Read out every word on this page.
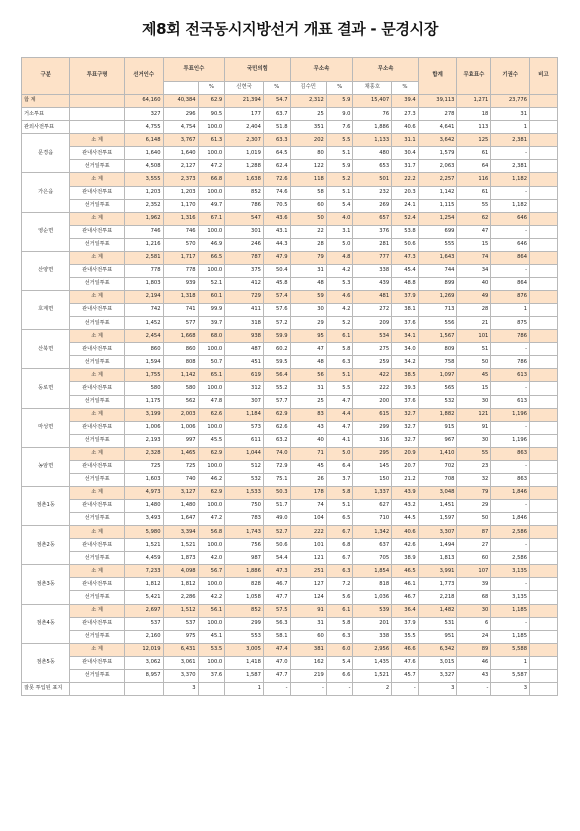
제8회 전국동시지방선거 개표 결과 - 문경시장
구분	투표구명	선거인수	투표인수		국민의힘		무소속		무소속		합계	무효표수	기권수	비고
				%	신현국	%	김수민	%	채홍호	%				
합 계		64,160	40,384	62.9	21,394	54.7	2,312	5.9	15,407	39.4	39,113	1,271	23,776	
거소투표		327	296	90.5	177	63.7	25	9.0	76	27.3	278	18	31	
관외사전투표		4,755	4,754	100.0	2,404	51.8	351	7.6	1,886	40.6	4,641	113	1	
문경읍	소 계	6,148	3,767	61.3	2,307	63.3	202	5.5	1,133	31.1	3,642	125	2,381	
	관내사전투표	1,640	1,640	100.0	1,019	64.5	80	5.1	480	30.4	1,579	61	-	
	선거일투표	4,508	2,127	47.2	1,288	62.4	122	5.9	653	31.7	2,063	64	2,381	
가은읍	소 계	3,555	2,373	66.8	1,638	72.6	118	5.2	501	22.2	2,257	116	1,182	
	관내사전투표	1,203	1,203	100.0	852	74.6	58	5.1	232	20.3	1,142	61	-	
	선거일투표	2,352	1,170	49.7	786	70.5	60	5.4	269	24.1	1,115	55	1,182	
영순면	소 계	1,962	1,316	67.1	547	43.6	50	4.0	657	52.4	1,254	62	646	
	관내사전투표	746	746	100.0	301	43.1	22	3.1	376	53.8	699	47	-	
	선거일투표	1,216	570	46.9	246	44.3	28	5.0	281	50.6	555	15	646	
산양면	소 계	2,581	1,717	66.5	787	47.9	79	4.8	777	47.3	1,643	74	864	
	관내사전투표	778	778	100.0	375	50.4	31	4.2	338	45.4	744	34	-	
	선거일투표	1,803	939	52.1	412	45.8	48	5.3	439	48.8	899	40	864	
호계면	소 계	2,194	1,318	60.1	729	57.4	59	4.6	481	37.9	1,269	49	876	
	관내사전투표	742	741	99.9	411	57.6	30	4.2	272	38.1	713	28	1	
	선거일투표	1,452	577	39.7	318	57.2	29	5.2	209	37.6	556	21	875	
산북면	소 계	2,454	1,668	68.0	938	59.9	95	6.1	534	34.1	1,567	101	786	
	관내사전투표	860	860	100.0	487	60.2	47	5.8	275	34.0	809	51	-	
	선거일투표	1,594	808	50.7	451	59.5	48	6.3	259	34.2	758	50	786	
동로면	소 계	1,755	1,142	65.1	619	56.4	56	5.1	422	38.5	1,097	45	613	
	관내사전투표	580	580	100.0	312	55.2	31	5.5	222	39.3	565	15	-	
	선거일투표	1,175	562	47.8	307	57.7	25	4.7	200	37.6	532	30	613	
마성면	소 계	3,199	2,003	62.6	1,184	62.9	83	4.4	615	32.7	1,882	121	1,196	
	관내사전투표	1,006	1,006	100.0	573	62.6	43	4.7	299	32.7	915	91	-	
	선거일투표	2,193	997	45.5	611	63.2	40	4.1	316	32.7	967	30	1,196	
농암면	소 계	2,328	1,465	62.9	1,044	74.0	71	5.0	295	20.9	1,410	55	863	
	관내사전투표	725	725	100.0	512	72.9	45	6.4	145	20.7	702	23	-	
	선거일투표	1,603	740	46.2	532	75.1	26	3.7	150	21.2	708	32	863	
점촌1동	소 계	4,973	3,127	62.9	1,533	50.3	178	5.8	1,337	43.9	3,048	79	1,846	
	관내사전투표	1,480	1,480	100.0	750	51.7	74	5.1	627	43.2	1,451	29	-	
	선거일투표	3,493	1,647	47.2	783	49.0	104	6.5	710	44.5	1,597	50	1,846	
점촌2동	소 계	5,980	3,394	56.8	1,743	52.7	222	6.7	1,342	40.6	3,307	87	2,586	
	관내사전투표	1,521	1,521	100.0	756	50.6	101	6.8	637	42.6	1,494	27	-	
	선거일투표	4,459	1,873	42.0	987	54.4	121	6.7	705	38.9	1,813	60	2,586	
점촌3동	소 계	7,233	4,098	56.7	1,886	47.3	251	6.3	1,854	46.5	3,991	107	3,135	
	관내사전투표	1,812	1,812	100.0	828	46.7	127	7.2	818	46.1	1,773	39	-	
	선거일투표	5,421	2,286	42.2	1,058	47.7	124	5.6	1,036	46.7	2,218	68	3,135	
점촌4동	소 계	2,697	1,512	56.1	852	57.5	91	6.1	539	36.4	1,482	30	1,185	
	관내사전투표	537	537	100.0	299	56.3	31	5.8	201	37.9	531	6	-	
	선거일투표	2,160	975	45.1	553	58.1	60	6.3	338	35.5	951	24	1,185	
점촌5동	소 계	12,019	6,431	53.5	3,005	47.4	381	6.0	2,956	46.6	6,342	89	5,588	
	관내사전투표	3,062	3,061	100.0	1,418	47.0	162	5.4	1,435	47.6	3,015	46	1	
	선거일투표	8,957	3,370	37.6	1,587	47.7	219	6.6	1,521	45.7	3,327	43	5,587	
잘못 투입된 표지			3		1	-	-	-	2	-	3	-	3	
